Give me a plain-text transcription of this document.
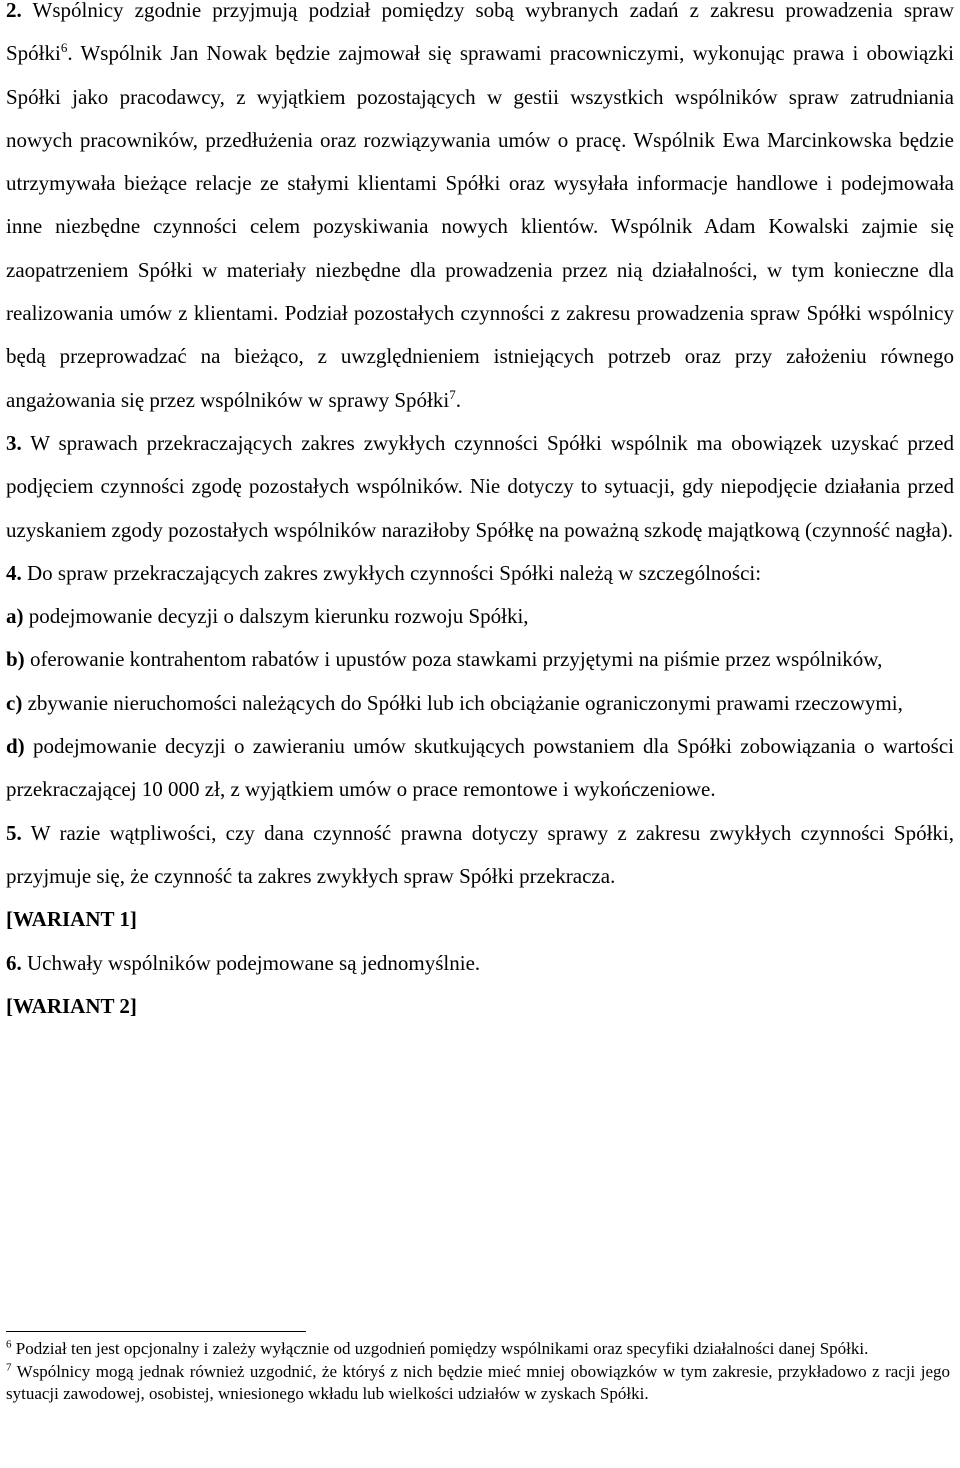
2. Wspólnicy zgodnie przyjmują podział pomiędzy sobą wybranych zadań z zakresu prowadzenia spraw Spółki$^6$. Wspólnik Jan Nowak będzie zajmował się sprawami pracowniczymi, wykonując prawa i obowiązki Spółki jako pracodawcy, z wyjątkiem pozostających w gestii wszystkich wspólników spraw zatrudniania nowych pracowników, przedłużenia oraz rozwiązywania umów o pracę. Wspólnik Ewa Marcinkowska będzie utrzymywała bieżące relacje ze stałymi klientami Spółki oraz wysyłała informacje handlowe i podejmowała inne niezbędne czynności celem pozyskiwania nowych klientów. Wspólnik Adam Kowalski zajmie się zaopatrzeniem Spółki w materiały niezbędne dla prowadzenia przez nią działalności, w tym konieczne dla realizowania umów z klientami. Podział pozostałych czynności z zakresu prowadzenia spraw Spółki wspólnicy będą przeprowadzać na bieżąco, z uwzględnieniem istniejących potrzeb oraz przy założeniu równego angażowania się przez wspólników w sprawy Spółki$^7$.

3. W sprawach przekraczających zakres zwykłych czynności Spółki wspólnik ma obowiązek uzyskać przed podjęciem czynności zgodę pozostałych wspólników. Nie dotyczy to sytuacji, gdy niepodjęcie działania przed uzyskaniem zgody pozostałych wspólników naraziłoby Spółkę na poważną szkodę majątkową (czynność nagła).

4. Do spraw przekraczających zakres zwykłych czynności Spółki należą w szczególności:

a) podejmowanie decyzji o dalszym kierunku rozwoju Spółki,

b) oferowanie kontrahentom rabatów i upustów poza stawkami przyjętymi na piśmie przez wspólników,

c) zbywanie nieruchomości należących do Spółki lub ich obciążanie ograniczonymi prawami rzeczowymi,

d) podejmowanie decyzji o zawieraniu umów skutkujących powstaniem dla Spółki zobowiązania o wartości przekraczającej 10 000 zł, z wyjątkiem umów o prace remontowe i wykończeniowe.

5. W razie wątpliwości, czy dana czynność prawna dotyczy sprawy z zakresu zwykłych czynności Spółki, przyjmuje się, że czynność ta zakres zwykłych spraw Spółki przekracza.

[WARIANT 1]

6. Uchwały wspólników podejmowane są jednomyślnie.

[WARIANT 2]

$^6$ Podział ten jest opcjonalny i zależy wyłącznie od uzgodnień pomiędzy wspólnikami oraz specyfiki działalności danej Spółki.

$^7$ Wspólnicy mogą jednak również uzgodnić, że któryś z nich będzie mieć mniej obowiązków w tym zakresie, przykładowo z racji jego sytuacji zawodowej, osobistej, wniesionego wkładu lub wielkości udziałów w zyskach Spółki.
